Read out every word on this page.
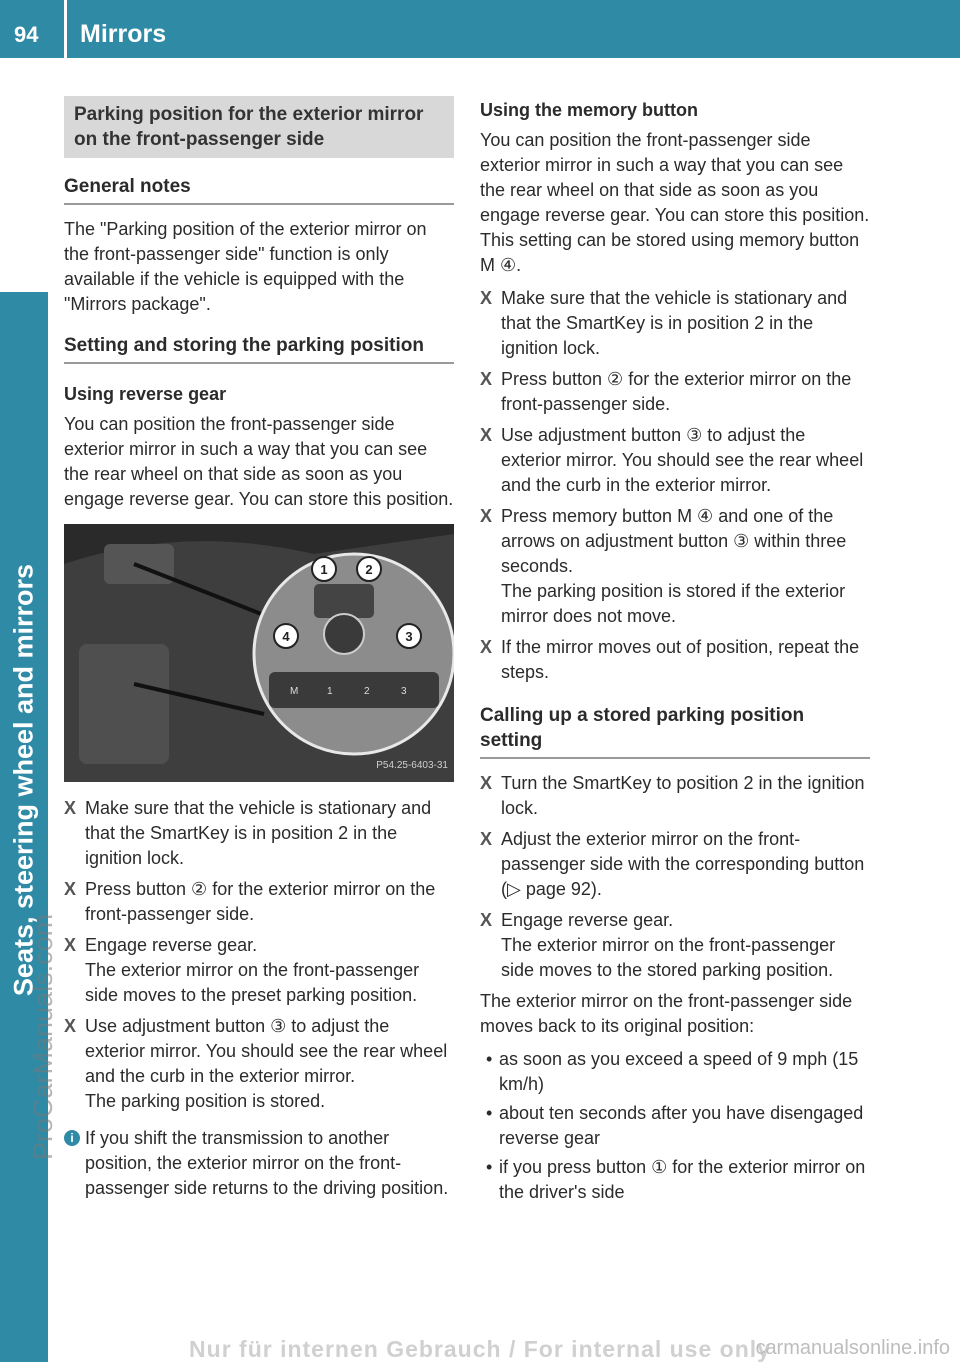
94 Mirrors
Seats, steering wheel and mirrors
ProCarManuals.com
Parking position for the exterior mirror on the front-passenger side
General notes

The "Parking position of the exterior mirror on the front-passenger side" function is only available if the vehicle is equipped with the "Mirrors package".

Setting and storing the parking position
Using reverse gear

You can position the front-passenger side exterior mirror in such a way that you can see the rear wheel on that side as soon as you engage reverse gear. You can store this position.

1	2
3
4
M	1	2	3
P54.25-6403-31
X Make sure that the vehicle is stationary and that the SmartKey is in position 2 in the ignition lock.
X Press button ② for the exterior mirror on the front-passenger side.
X Engage reverse gear.
The exterior mirror on the front-passenger side moves to the preset parking position.
X Use adjustment button ③ to adjust the exterior mirror. You should see the rear wheel and the curb in the exterior mirror.
The parking position is stored.
i If you shift the transmission to another position, the exterior mirror on the front-passenger side returns to the driving position.
Using the memory button

You can position the front-passenger side exterior mirror in such a way that you can see the rear wheel on that side as soon as you engage reverse gear. You can store this position. This setting can be stored using memory button M ④.

X Make sure that the vehicle is stationary and that the SmartKey is in position 2 in the ignition lock.
X Press button ② for the exterior mirror on the front-passenger side.
X Use adjustment button ③ to adjust the exterior mirror. You should see the rear wheel and the curb in the exterior mirror.
X Press memory button M ④ and one of the arrows on adjustment button ③ within three seconds.
The parking position is stored if the exterior mirror does not move.
X If the mirror moves out of position, repeat the steps.
Calling up a stored parking position setting
X Turn the SmartKey to position 2 in the ignition lock.
X Adjust the exterior mirror on the front-passenger side with the corresponding button (▷ page 92).
X Engage reverse gear.
The exterior mirror on the front-passenger side moves to the stored parking position.

The exterior mirror on the front-passenger side moves back to its original position:

• as soon as you exceed a speed of 9 mph (15 km/h)
• about ten seconds after you have disengaged reverse gear
• if you press button ① for the exterior mirror on the driver's side
Nur für internen Gebrauch / For internal use only
carmanualsonline.info
